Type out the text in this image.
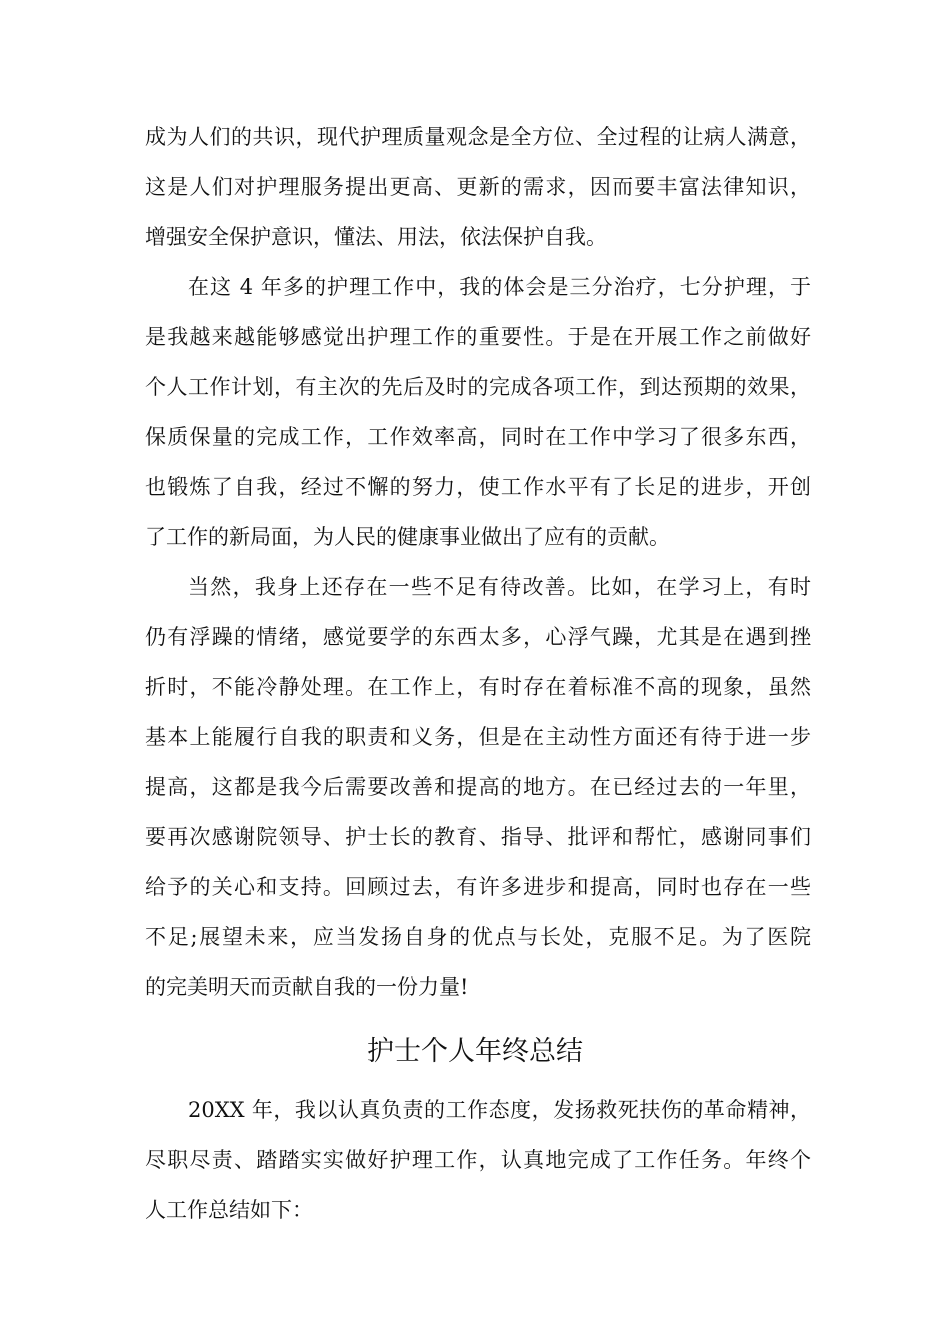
成为人们的共识，现代护理质量观念是全方位、全过程的让病人满意，
这是人们对护理服务提出更高、更新的需求，因而要丰富法律知识，
增强安全保护意识，懂法、用法，依法保护自我。
在这 4 年多的护理工作中，我的体会是三分治疗，七分护理，于
是我越来越能够感觉出护理工作的重要性。于是在开展工作之前做好
个人工作计划，有主次的先后及时的完成各项工作，到达预期的效果，
保质保量的完成工作，工作效率高，同时在工作中学习了很多东西，
也锻炼了自我，经过不懈的努力，使工作水平有了长足的进步，开创
了工作的新局面，为人民的健康事业做出了应有的贡献。
当然，我身上还存在一些不足有待改善。比如，在学习上，有时
仍有浮躁的情绪，感觉要学的东西太多，心浮气躁，尤其是在遇到挫
折时，不能冷静处理。在工作上，有时存在着标准不高的现象，虽然
基本上能履行自我的职责和义务，但是在主动性方面还有待于进一步
提高，这都是我今后需要改善和提高的地方。在已经过去的一年里，
要再次感谢院领导、护士长的教育、指导、批评和帮忙，感谢同事们
给予的关心和支持。回顾过去，有许多进步和提高，同时也存在一些
不足;展望未来，应当发扬自身的优点与长处，克服不足。为了医院
的完美明天而贡献自我的一份力量!
护士个人年终总结
20XX 年，我以认真负责的工作态度，发扬救死扶伤的革命精神，
尽职尽责、踏踏实实做好护理工作，认真地完成了工作任务。年终个
人工作总结如下：
